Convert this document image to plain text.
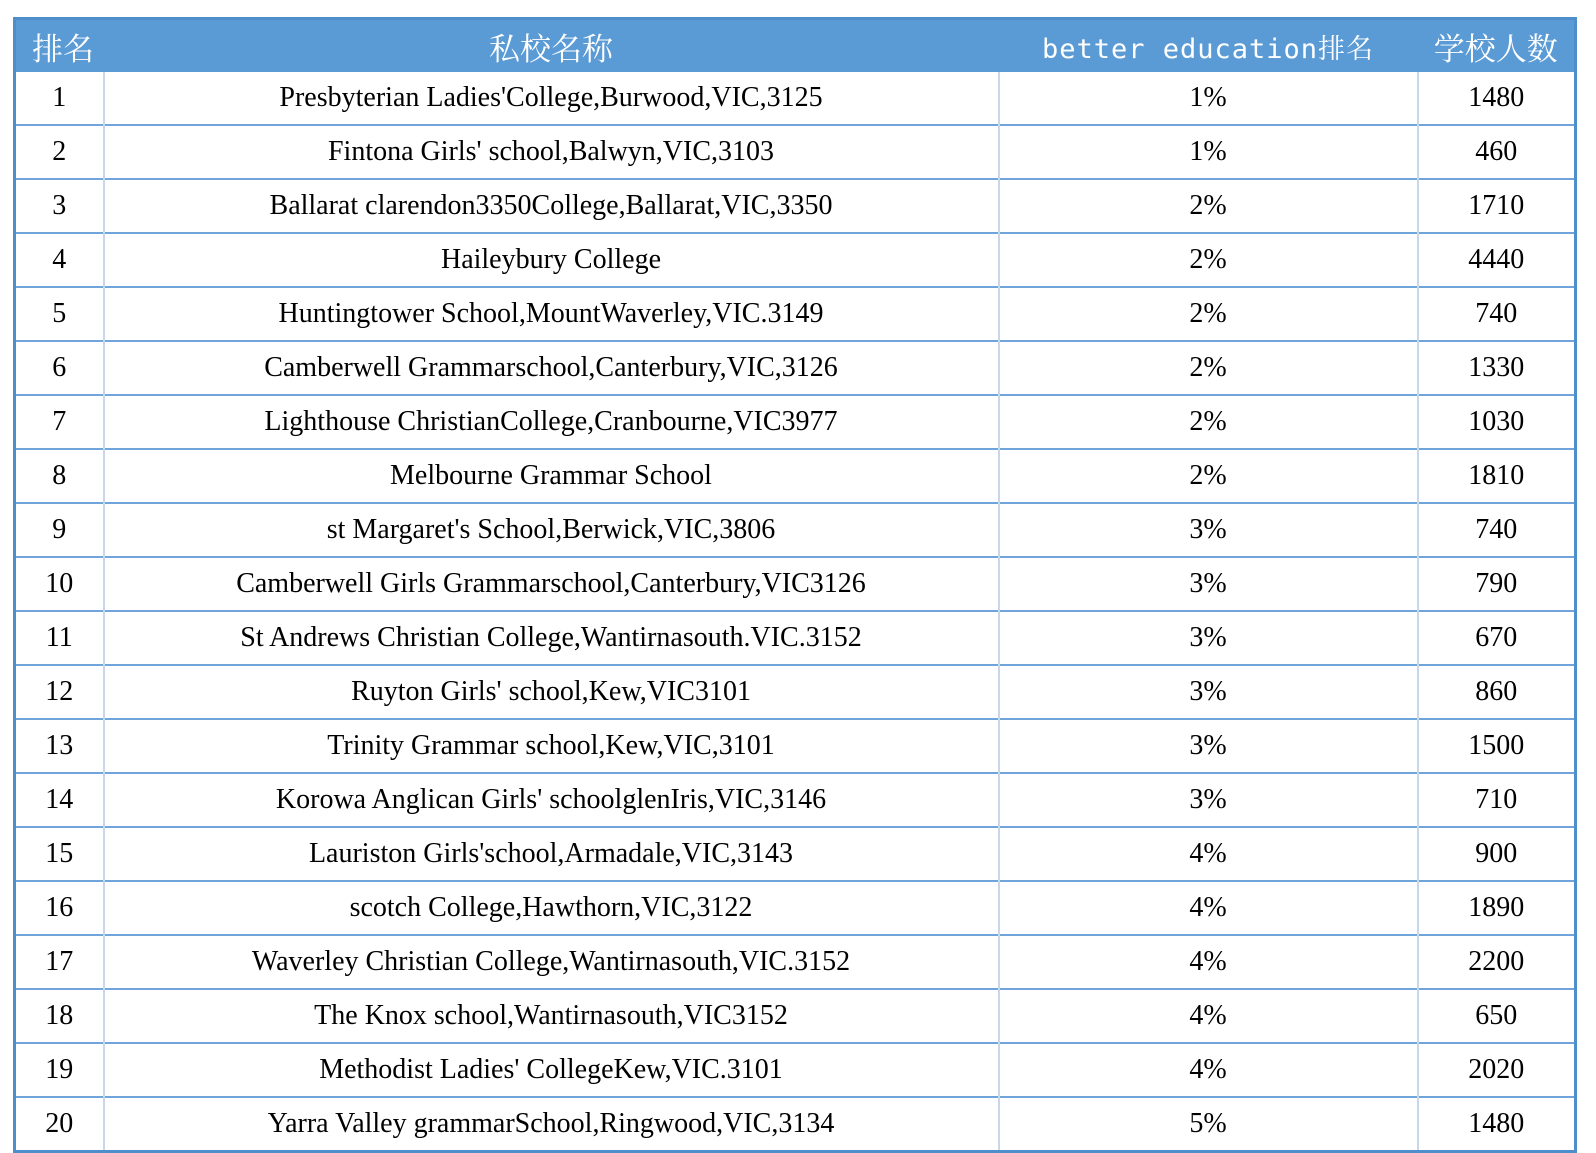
排名	私校名称	better education排名	学校人数
1	Presbyterian Ladies'College,Burwood,VIC,3125	1%	1480
2	Fintona Girls' school,Balwyn,VIC,3103	1%	460
3	Ballarat clarendon3350College,Ballarat,VIC,3350	2%	1710
4	Haileybury College	2%	4440
5	Huntingtower School,MountWaverley,VIC.3149	2%	740
6	Camberwell Grammarschool,Canterbury,VIC,3126	2%	1330
7	Lighthouse ChristianCollege,Cranbourne,VIC3977	2%	1030
8	Melbourne Grammar School	2%	1810
9	st Margaret's School,Berwick,VIC,3806	3%	740
10	Camberwell Girls Grammarschool,Canterbury,VIC3126	3%	790
11	St Andrews Christian College,Wantirnasouth.VIC.3152	3%	670
12	Ruyton Girls' school,Kew,VIC3101	3%	860
13	Trinity Grammar school,Kew,VIC,3101	3%	1500
14	Korowa Anglican Girls' schoolglenIris,VIC,3146	3%	710
15	Lauriston Girls'school,Armadale,VIC,3143	4%	900
16	scotch College,Hawthorn,VIC,3122	4%	1890
17	Waverley Christian College,Wantirnasouth,VIC.3152	4%	2200
18	The Knox school,Wantirnasouth,VIC3152	4%	650
19	Methodist Ladies' CollegeKew,VIC.3101	4%	2020
20	Yarra Valley grammarSchool,Ringwood,VIC,3134	5%	1480
